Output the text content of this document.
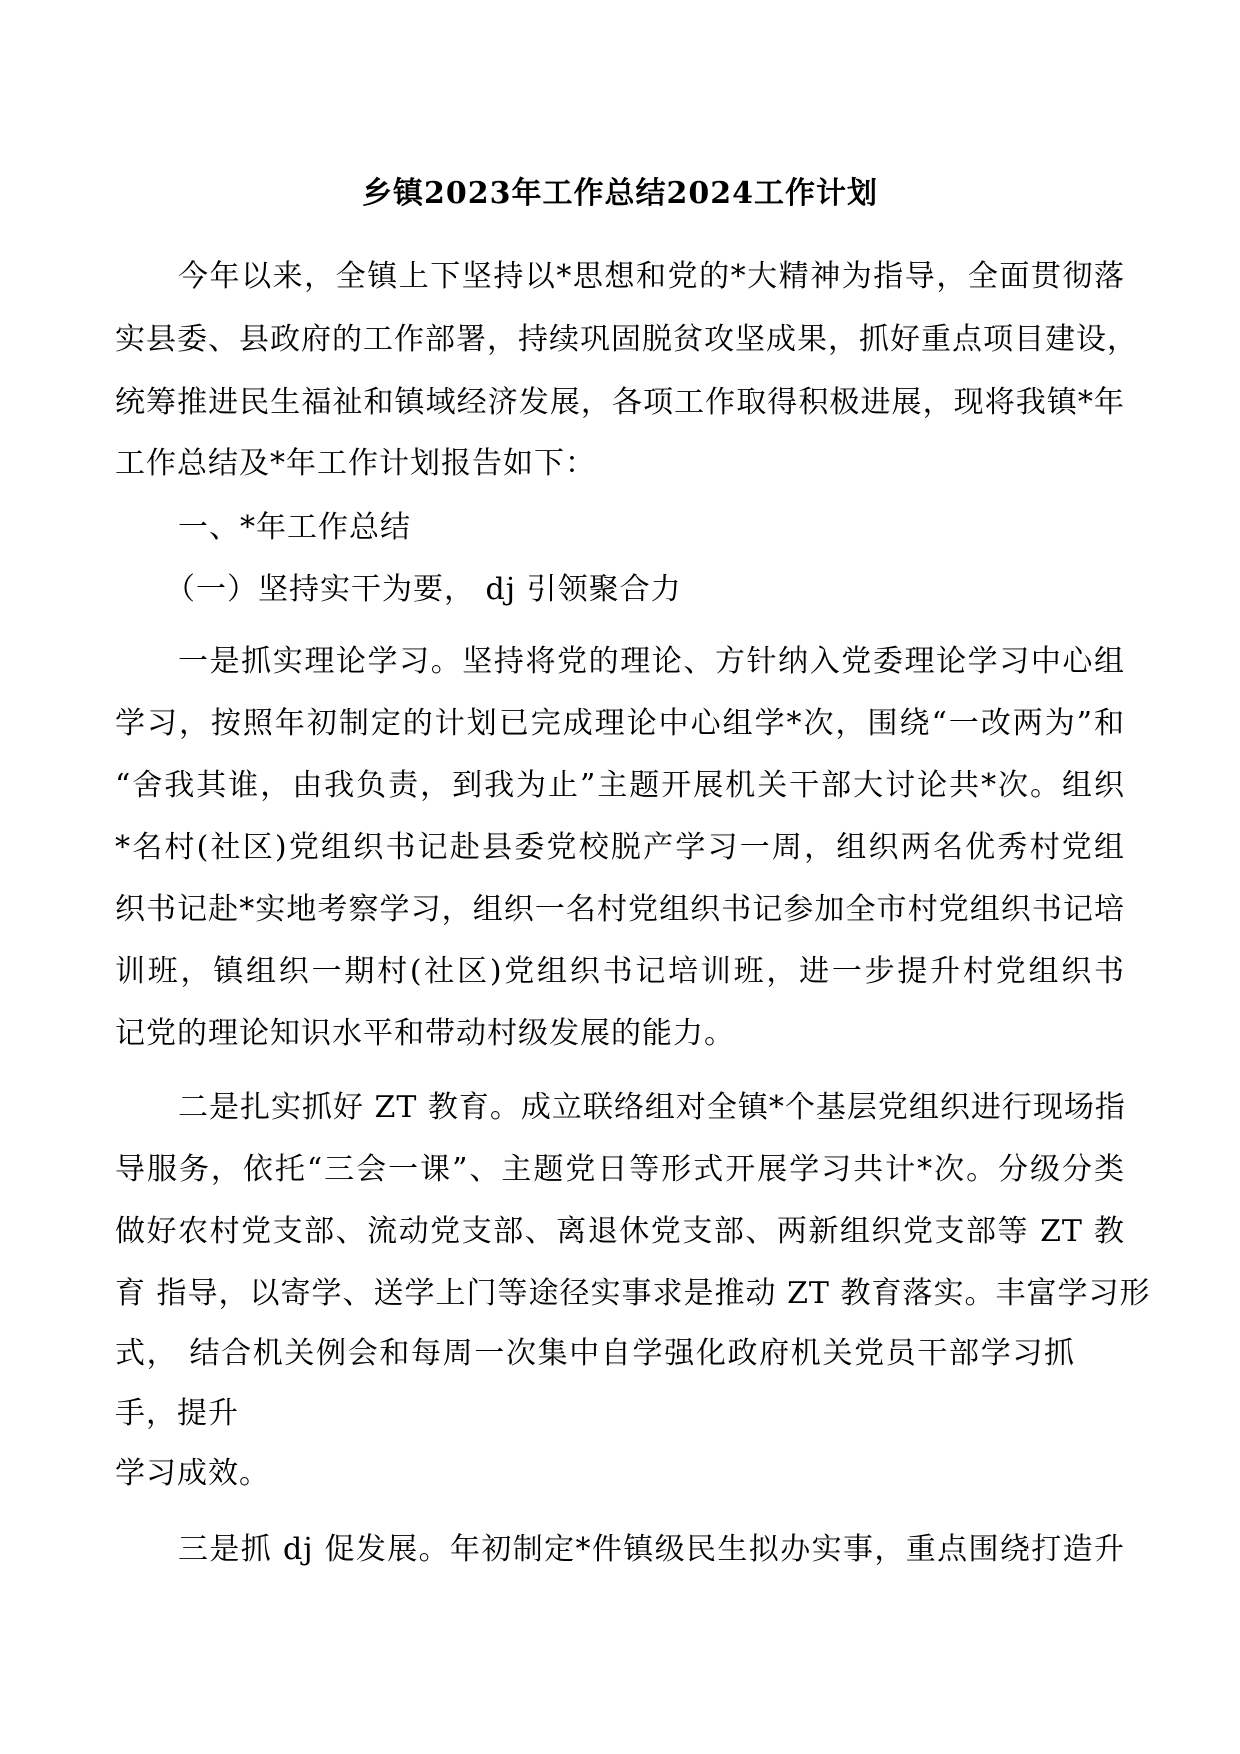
乡镇2023年工作总结2024工作计划
今年以来，全镇上下坚持以*思想和党的*大精神为指导，全面贯彻落
实县委、县政府的工作部署，持续巩固脱贫攻坚成果，抓好重点项目建设，
统筹推进民生福祉和镇域经济发展，各项工作取得积极进展，现将我镇*年
工作总结及*年工作计划报告如下：
一、*年工作总结
（一）坚持实干为要， dj 引领聚合力
一是抓实理论学习。坚持将党的理论、方针纳入党委理论学习中心组
学习，按照年初制定的计划已完成理论中心组学*次，围绕“一改两为”和
“舍我其谁，由我负责，到我为止”主题开展机关干部大讨论共*次。组织
*名村(社区)党组织书记赴县委党校脱产学习一周，组织两名优秀村党组
织书记赴*实地考察学习，组织一名村党组织书记参加全市村党组织书记培
训班，镇组织一期村(社区)党组织书记培训班，进一步提升村党组织书
记党的理论知识水平和带动村级发展的能力。
二是扎实抓好 ZT 教育。成立联络组对全镇*个基层党组织进行现场指
导服务，依托“三会一课”、主题党日等形式开展学习共计*次。分级分类
做好农村党支部、流动党支部、离退休党支部、两新组织党支部等 ZT 教
育 指导，以寄学、送学上门等途径实事求是推动 ZT 教育落实。丰富学习形
式， 结合机关例会和每周一次集中自学强化政府机关党员干部学习抓
手，提升
学习成效。
三是抓 dj 促发展。年初制定*件镇级民生拟办实事，重点围绕打造升
